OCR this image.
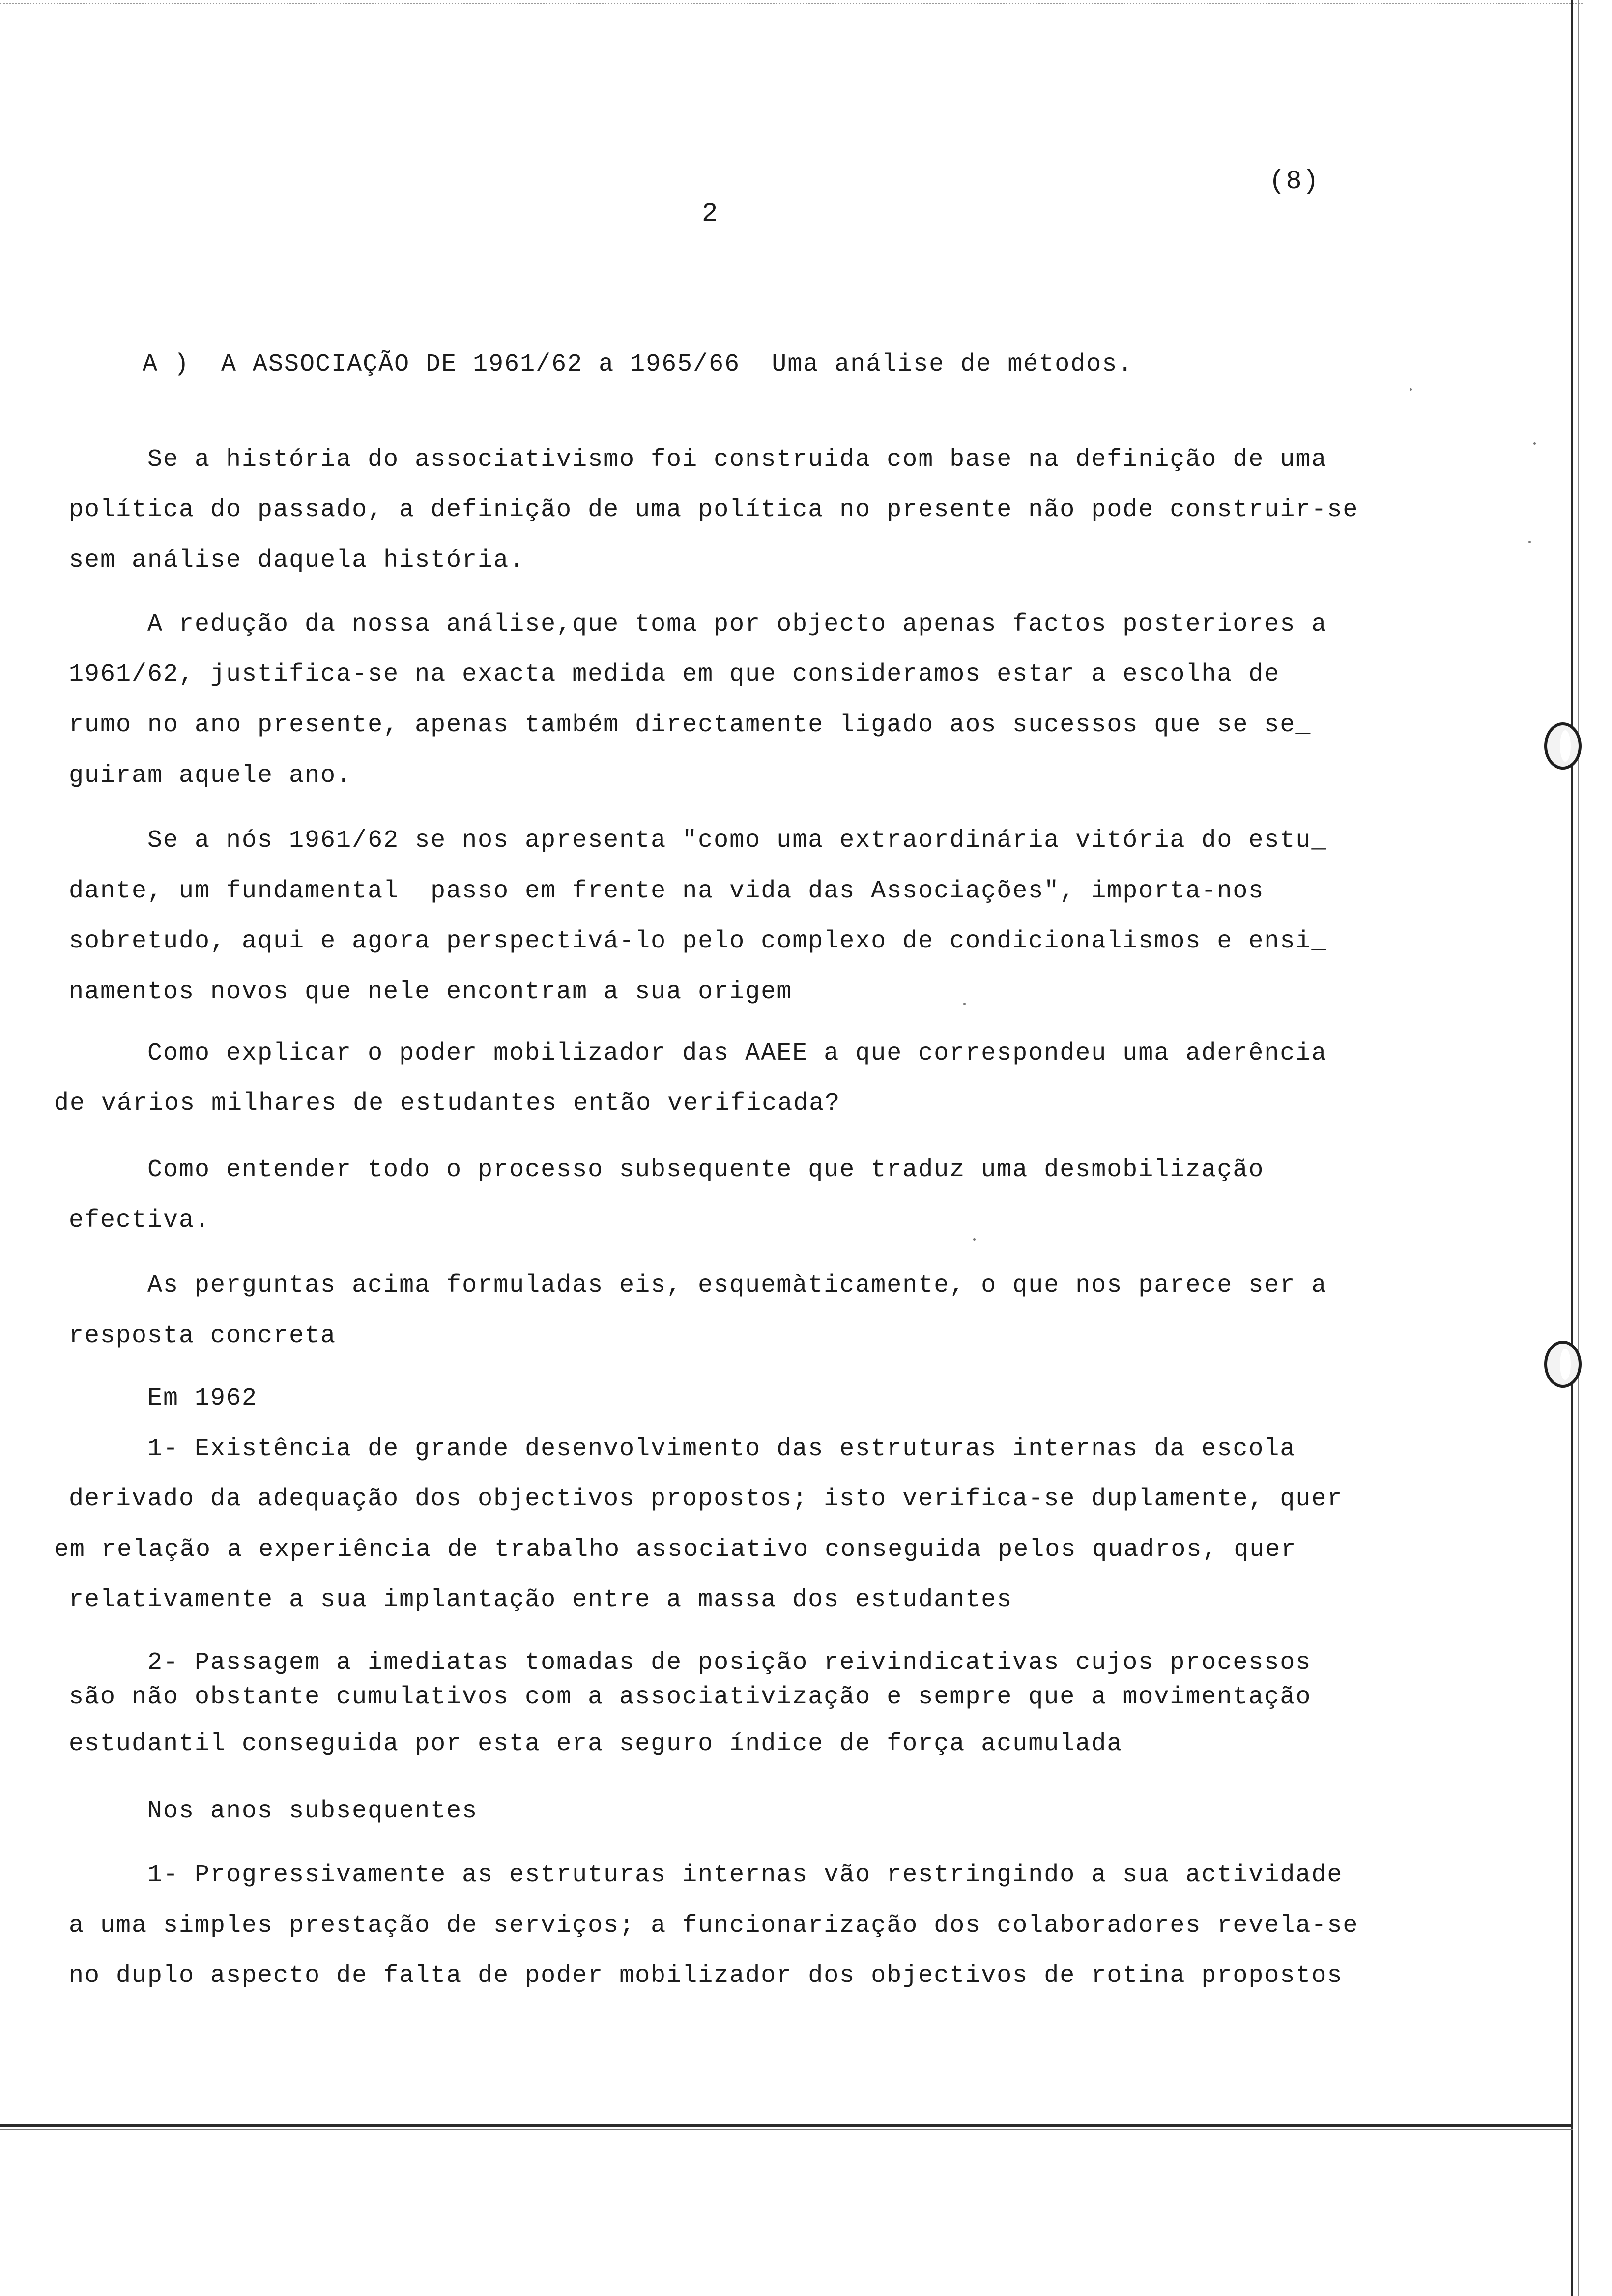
(8)
2
A )  A ASSOCIAÇÃO DE 1961/62 a 1965/66  Uma análise de métodos.
Se a história do associativismo foi construida com base na definição de uma
política do passado, a definição de uma política no presente não pode construir-se
sem análise daquela história.
A redução da nossa análise,que toma por objecto apenas factos posteriores a
1961/62, justifica-se na exacta medida em que consideramos estar a escolha de
rumo no ano presente, apenas também directamente ligado aos sucessos que se se_
guiram aquele ano.
Se a nós 1961/62 se nos apresenta "como uma extraordinária vitória do estu_
dante, um fundamental  passo em frente na vida das Associações", importa-nos
sobretudo, aqui e agora perspectivá-lo pelo complexo de condicionalismos e ensi_
namentos novos que nele encontram a sua origem
Como explicar o poder mobilizador das AAEE a que correspondeu uma aderência
de vários milhares de estudantes então verificada?
Como entender todo o processo subsequente que traduz uma desmobilização
efectiva.
As perguntas acima formuladas eis, esquemàticamente, o que nos parece ser a
resposta concreta
Em 1962
1- Existência de grande desenvolvimento das estruturas internas da escola
derivado da adequação dos objectivos propostos; isto verifica-se duplamente, quer
em relação a experiência de trabalho associativo conseguida pelos quadros, quer
relativamente a sua implantação entre a massa dos estudantes
2- Passagem a imediatas tomadas de posição reivindicativas cujos processos
são não obstante cumulativos com a associativização e sempre que a movimentação
estudantil conseguida por esta era seguro índice de força acumulada
Nos anos subsequentes
1- Progressivamente as estruturas internas vão restringindo a sua actividade
a uma simples prestação de serviços; a funcionarização dos colaboradores revela-se
no duplo aspecto de falta de poder mobilizador dos objectivos de rotina propostos
